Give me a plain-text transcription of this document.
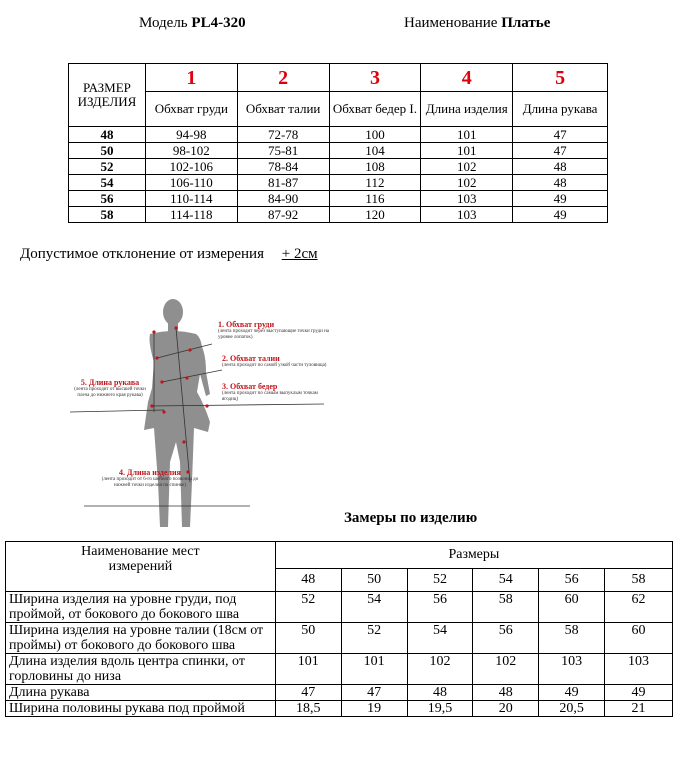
Модель PL4-320	Наименование Платье
РАЗМЕР ИЗДЕЛИЯ	1	2	3	4	5
	Обхват груди	Обхват талии	Обхват бедер I.	Длина изделия	Длина рукава
48	94-98	72-78	100	101	47
50	98-102	75-81	104	101	47
52	102-106	78-84	108	102	48
54	106-110	81-87	112	102	48
56	110-114	84-90	116	103	49
58	114-118	87-92	120	103	49
Допустимое отклонение от измерения + 2см
1. Обхват груди
(лента проходит через выступающие точки груди на уровне лопаток)
2. Обхват талии
(лента проходит по самой узкой части туловища)
3. Обхват бедер
(лента проходит по самым выпуклым точкам ягодиц)
5. Длина рукава
(лента проходит от высшей точки плеча до нижнего края рукава)
4. Длина изделия
(лента проходит от 6-го шейного позвонка до нижней точки изделия по спинке)
Замеры по изделию
Наименование мест измерений	Размеры					
	48	50	52	54	56	58
Ширина изделия на уровне груди, под проймой, от бокового до бокового шва	52	54	56	58	60	62
Ширина изделия на уровне талии (18см от проймы) от бокового до бокового шва	50	52	54	56	58	60
Длина изделия вдоль центра спинки, от горловины до низа	101	101	102	102	103	103
Длина рукава	47	47	48	48	49	49
Ширина половины рукава под проймой	18,5	19	19,5	20	20,5	21
